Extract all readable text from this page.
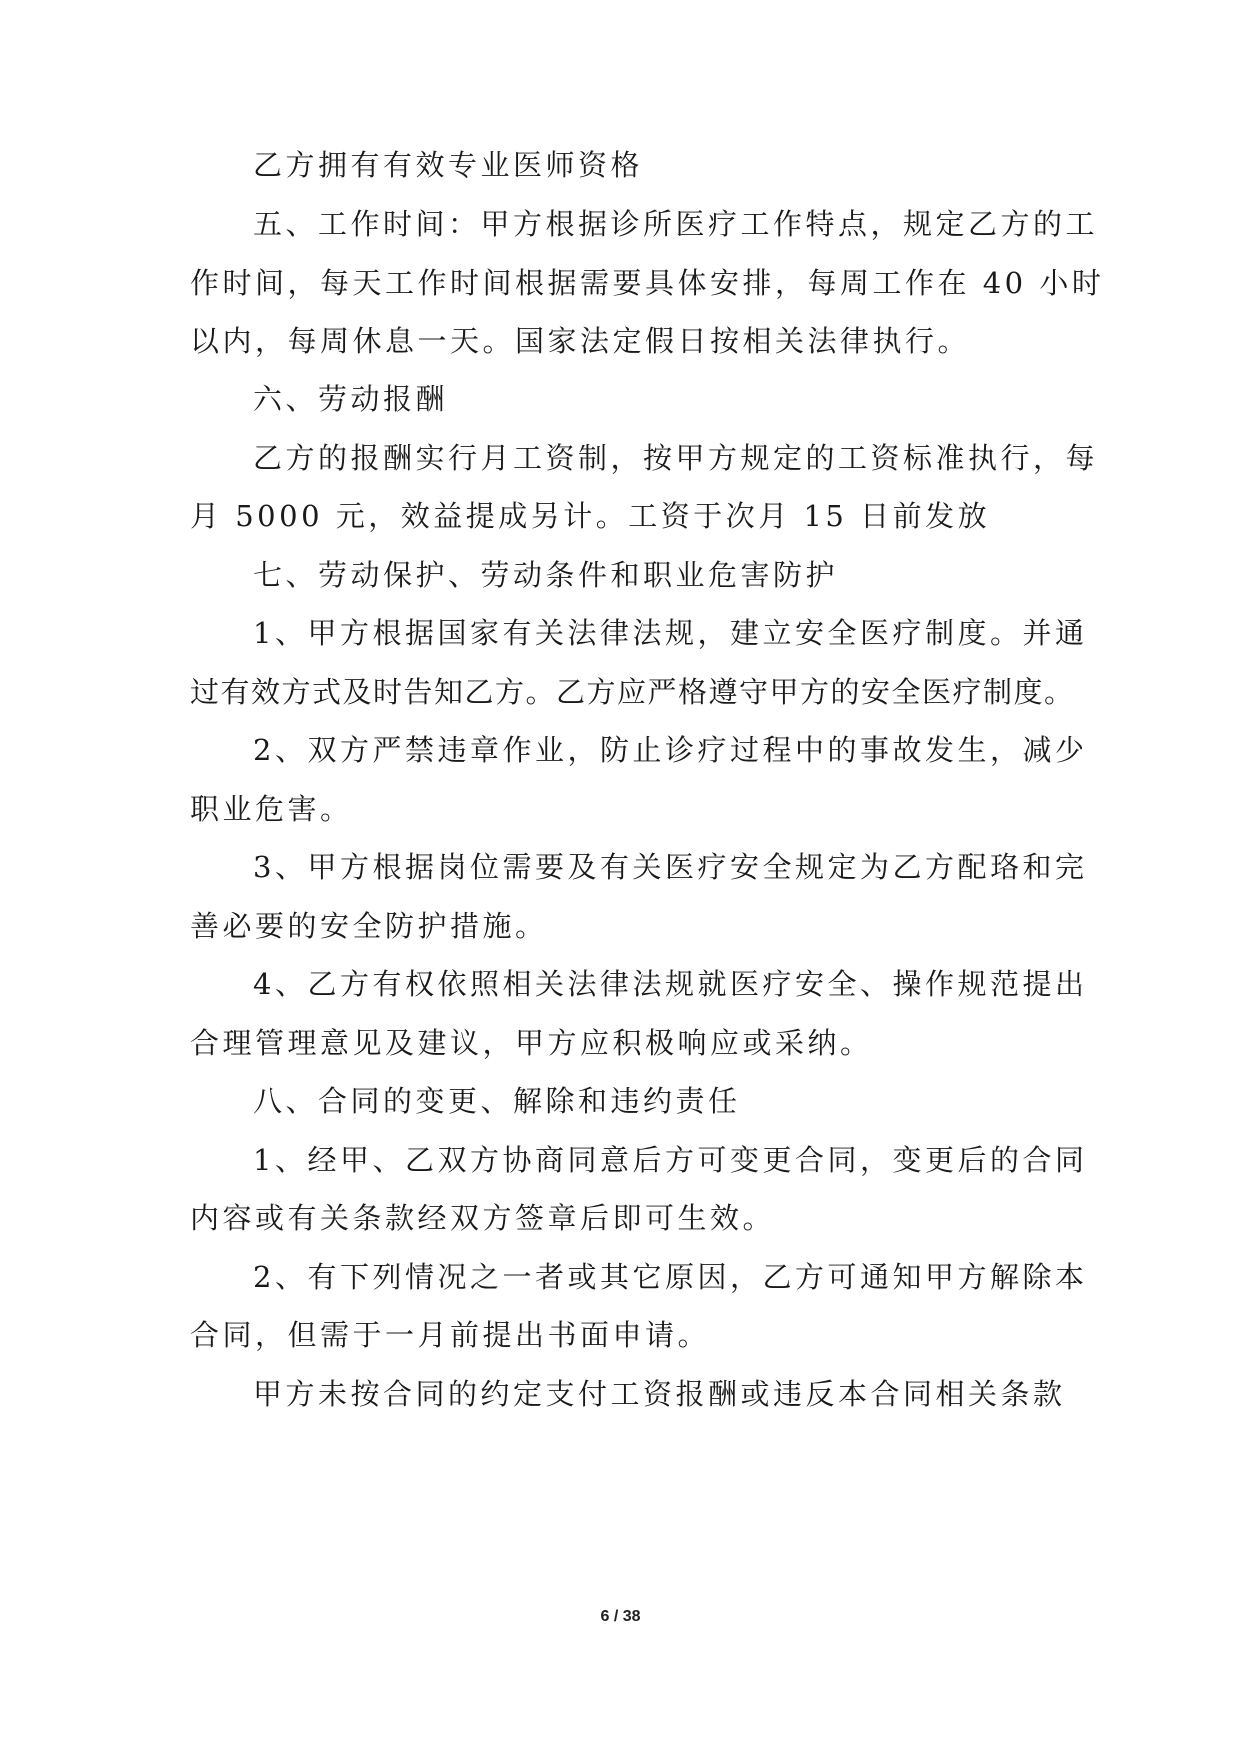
乙方拥有有效专业医师资格
五、工作时间：甲方根据诊所医疗工作特点，规定乙方的工
作时间，每天工作时间根据需要具体安排，每周工作在 40 小时
以内，每周休息一天。国家法定假日按相关法律执行。
六、劳动报酬
乙方的报酬实行月工资制，按甲方规定的工资标准执行，每
月 5000 元，效益提成另计。工资于次月 15 日前发放
七、劳动保护、劳动条件和职业危害防护
1、甲方根据国家有关法律法规，建立安全医疗制度。并通
过有效方式及时告知乙方。乙方应严格遵守甲方的安全医疗制度。
2、双方严禁违章作业，防止诊疗过程中的事故发生，减少
职业危害。
3、甲方根据岗位需要及有关医疗安全规定为乙方配珞和完
善必要的安全防护措施。
4、乙方有权依照相关法律法规就医疗安全、操作规范提出
合理管理意见及建议，甲方应积极响应或采纳。
八、合同的变更、解除和违约责任
1、经甲、乙双方协商同意后方可变更合同，变更后的合同
内容或有关条款经双方签章后即可生效。
2、有下列情况之一者或其它原因，乙方可通知甲方解除本
合同，但需于一月前提出书面申请。
甲方未按合同的约定支付工资报酬或违反本合同相关条款
6 / 38
